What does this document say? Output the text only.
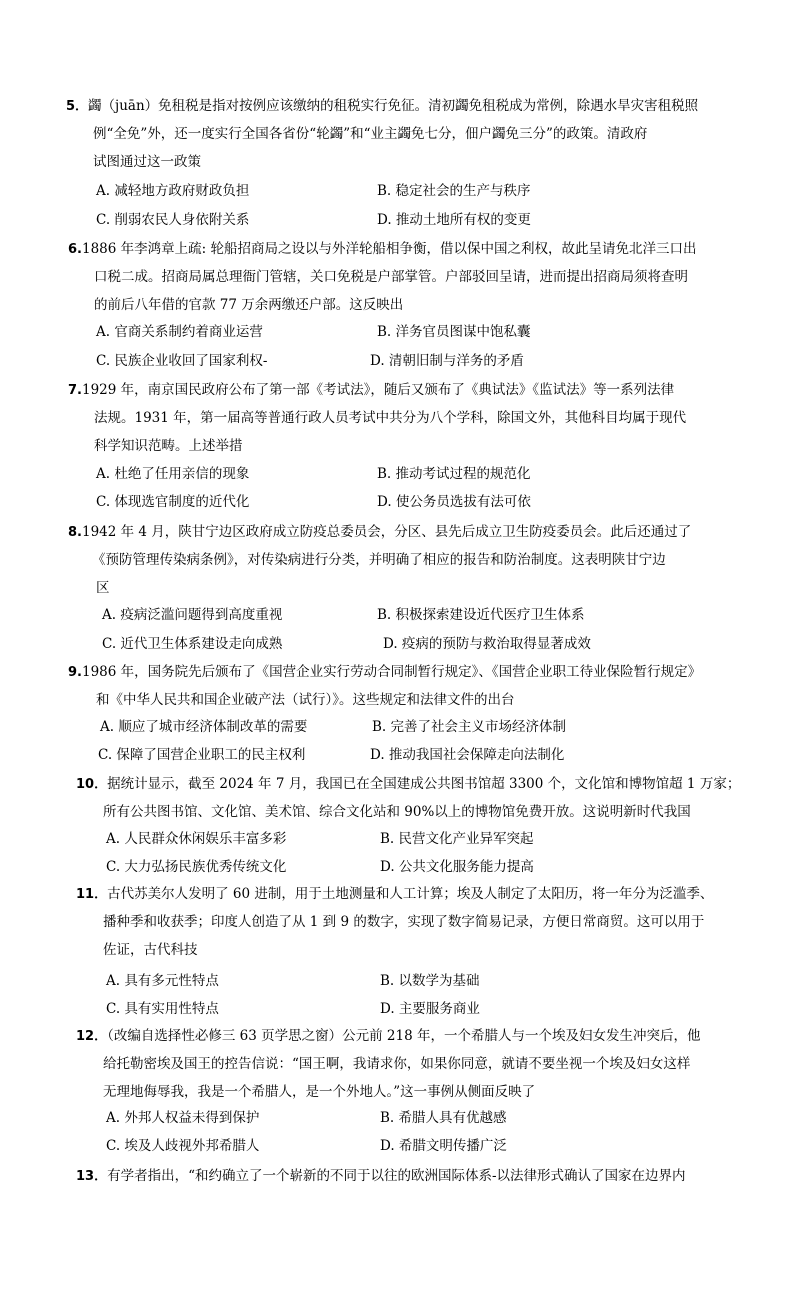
5．蠲（juān）免租税是指对按例应该缴纳的租税实行免征。清初蠲免租税成为常例，除遇水旱灾害租税照
例“全免”外，还一度实行全国各省份“轮蠲”和“业主蠲免七分，佃户蠲免三分”的政策。清政府
试图通过这一政策
A. 减轻地方政府财政负担	B. 稳定社会的生产与秩序
C. 削弱农民人身依附关系	D. 推动土地所有权的变更
6.1886 年李鸿章上疏: 轮船招商局之设以与外洋轮船相争衡，借以保中国之利权，故此呈请免北洋三口出
口税二成。招商局属总理衙门管辖，关口免税是户部掌管。户部驳回呈请，进而提出招商局须将查明
的前后八年借的官款 77 万余两缴还户部。这反映出
A. 官商关系制约着商业运营	B. 洋务官员图谋中饱私囊
C. 民族企业收回了国家利权-	D. 清朝旧制与洋务的矛盾
7.1929 年，南京国民政府公布了第一部《考试法》，随后又颁布了《典试法》《监试法》等一系列法律
法规。1931 年，第一届高等普通行政人员考试中共分为八个学科，除国文外，其他科目均属于现代
科学知识范畴。上述举措
A. 杜绝了任用亲信的现象	B. 推动考试过程的规范化
C. 体现选官制度的近代化	D. 使公务员选拔有法可依
8.1942 年 4 月，陕甘宁边区政府成立防疫总委员会，分区、县先后成立卫生防疫委员会。此后还通过了
《预防管理传染病条例》，对传染病进行分类，并明确了相应的报告和防治制度。这表明陕甘宁边
区
A. 疫病泛滥问题得到高度重视	B. 积极探索建设近代医疗卫生体系
C. 近代卫生体系建设走向成熟	D. 疫病的预防与救治取得显著成效
9.1986 年，国务院先后颁布了《国营企业实行劳动合同制暂行规定》、《国营企业职工待业保险暂行规定》
和《中华人民共和国企业破产法（试行）》。这些规定和法律文件的出台
A. 顺应了城市经济体制改革的需要	B. 完善了社会主义市场经济体制
C. 保障了国营企业职工的民主权利	D. 推动我国社会保障走向法制化
10．据统计显示，截至 2024 年 7 月，我国已在全国建成公共图书馆超 3300 个，文化馆和博物馆超 1 万家；
所有公共图书馆、文化馆、美术馆、综合文化站和 90%以上的博物馆免费开放。这说明新时代我国
A. 人民群众休闲娱乐丰富多彩	B. 民营文化产业异军突起
C. 大力弘扬民族优秀传统文化	D. 公共文化服务能力提高
11．古代苏美尔人发明了 60 进制，用于土地测量和人工计算；埃及人制定了太阳历，将一年分为泛滥季、
播种季和收获季；印度人创造了从 1 到 9 的数字，实现了数字简易记录，方便日常商贸。这可以用于
佐证，古代科技
A. 具有多元性特点	B. 以数学为基础
C. 具有实用性特点	D. 主要服务商业
12．（改编自选择性必修三 63 页学思之窗）公元前 218 年，一个希腊人与一个埃及妇女发生冲突后，他
给托勒密埃及国王的控告信说：“国王啊，我请求你，如果你同意，就请不要坐视一个埃及妇女这样
无理地侮辱我，我是一个希腊人，是一个外地人。”这一事例从侧面反映了
A. 外邦人权益未得到保护	B. 希腊人具有优越感
C. 埃及人歧视外邦希腊人	D. 希腊文明传播广泛
13．有学者指出，“和约确立了一个崭新的不同于以往的欧洲国际体系-以法律形式确认了国家在边界内
